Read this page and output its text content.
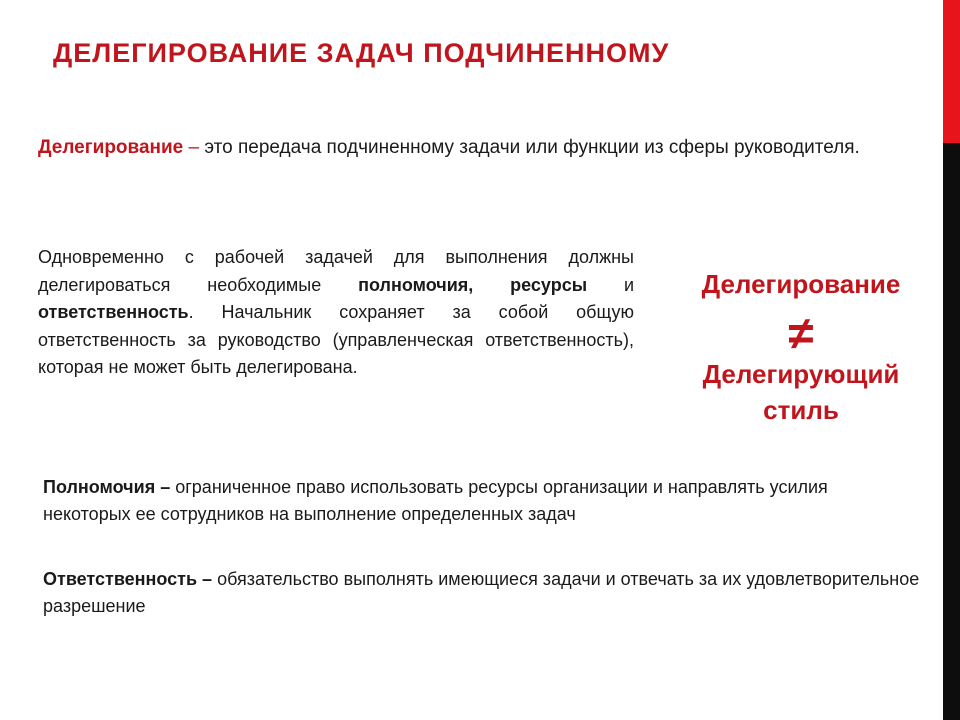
ДЕЛЕГИРОВАНИЕ ЗАДАЧ ПОДЧИНЕННОМУ

Делегирование – это передача подчиненному задачи или функции из сферы руководителя.

Одновременно с рабочей задачей для выполнения должны делегироваться необходимые полномочия, ресурсы и ответственность. Начальник сохраняет за собой общую ответственность за руководство (управленческая ответственность), которая не может быть делегирована.

Делегирование
≠
Делегирующий стиль

Полномочия – ограниченное право использовать ресурсы организации и направлять усилия некоторых ее сотрудников на выполнение определенных задач

Ответственность – обязательство выполнять имеющиеся задачи и отвечать за их удовлетворительное разрешение
